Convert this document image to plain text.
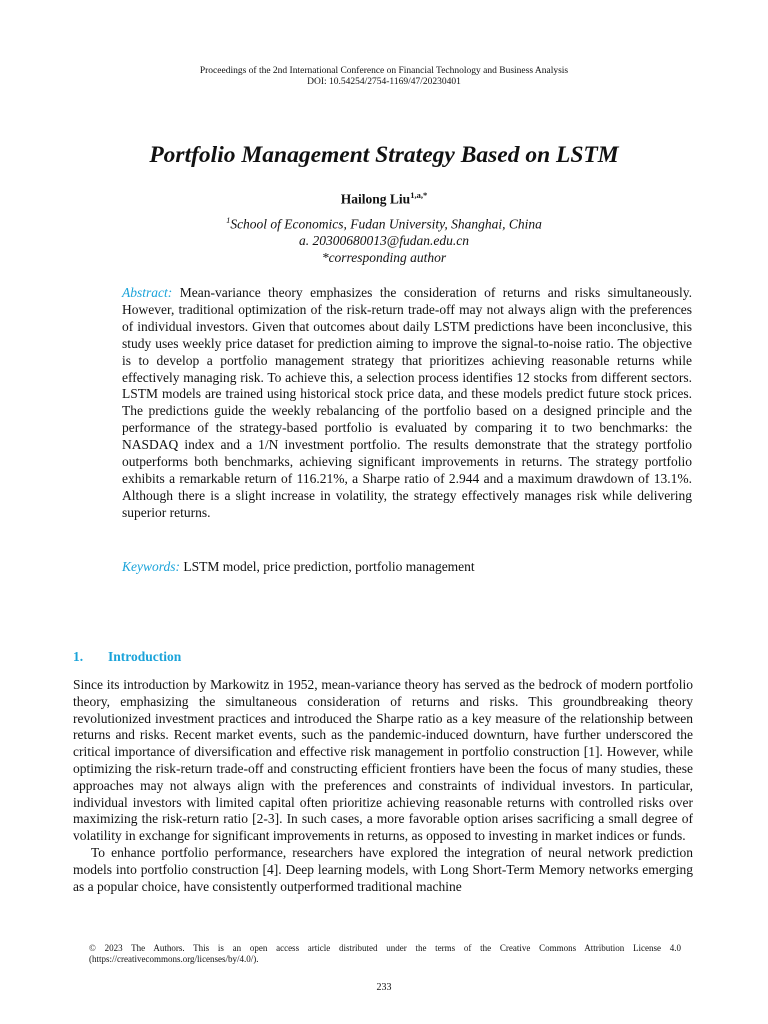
Proceedings of the 2nd International Conference on Financial Technology and Business Analysis
DOI: 10.54254/2754-1169/47/20230401
Portfolio Management Strategy Based on LSTM
Hailong Liu$^{1,a,*}$
$^1$School of Economics, Fudan University, Shanghai, China
a. 20300680013@fudan.edu.cn
*corresponding author
Abstract: Mean-variance theory emphasizes the consideration of returns and risks simultaneously. However, traditional optimization of the risk-return trade-off may not always align with the preferences of individual investors. Given that outcomes about daily LSTM predictions have been inconclusive, this study uses weekly price dataset for prediction aiming to improve the signal-to-noise ratio. The objective is to develop a portfolio management strategy that prioritizes achieving reasonable returns while effectively managing risk. To achieve this, a selection process identifies 12 stocks from different sectors. LSTM models are trained using historical stock price data, and these models predict future stock prices. The predictions guide the weekly rebalancing of the portfolio based on a designed principle and the performance of the strategy-based portfolio is evaluated by comparing it to two benchmarks: the NASDAQ index and a 1/N investment portfolio. The results demonstrate that the strategy portfolio outperforms both benchmarks, achieving significant improvements in returns. The strategy portfolio exhibits a remarkable return of 116.21%, a Sharpe ratio of 2.944 and a maximum drawdown of 13.1%. Although there is a slight increase in volatility, the strategy effectively manages risk while delivering superior returns.
Keywords: LSTM model, price prediction, portfolio management
1. Introduction

Since its introduction by Markowitz in 1952, mean-variance theory has served as the bedrock of modern portfolio theory, emphasizing the simultaneous consideration of returns and risks. This groundbreaking theory revolutionized investment practices and introduced the Sharpe ratio as a key measure of the relationship between returns and risks. Recent market events, such as the pandemic-induced downturn, have further underscored the critical importance of diversification and effective risk management in portfolio construction [1]. However, while optimizing the risk-return trade-off and constructing efficient frontiers have been the focus of many studies, these approaches may not always align with the preferences and constraints of individual investors. In particular, individual investors with limited capital often prioritize achieving reasonable returns with controlled risks over maximizing the risk-return ratio [2-3]. In such cases, a more favorable option arises sacrificing a small degree of volatility in exchange for significant improvements in returns, as opposed to investing in market indices or funds.

To enhance portfolio performance, researchers have explored the integration of neural network prediction models into portfolio construction [4]. Deep learning models, with Long Short-Term Memory networks emerging as a popular choice, have consistently outperformed traditional machine

© 2023 The Authors. This is an open access article distributed under the terms of the Creative Commons Attribution License 4.0 (https://creativecommons.org/licenses/by/4.0/).
233
